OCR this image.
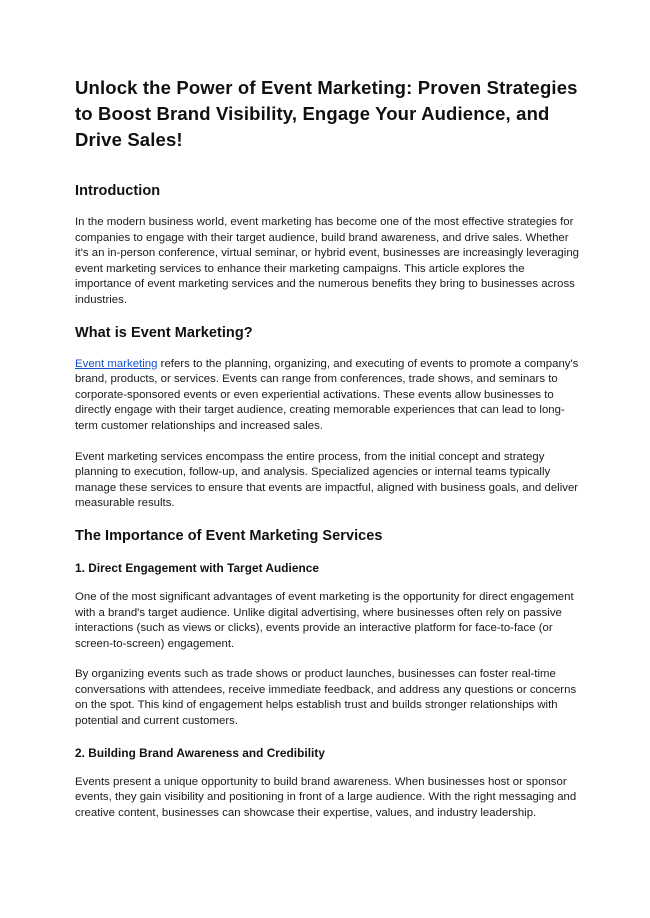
Unlock the Power of Event Marketing: Proven Strategies to Boost Brand Visibility, Engage Your Audience, and Drive Sales!
Introduction

In the modern business world, event marketing has become one of the most effective strategies for companies to engage with their target audience, build brand awareness, and drive sales. Whether it's an in-person conference, virtual seminar, or hybrid event, businesses are increasingly leveraging event marketing services to enhance their marketing campaigns. This article explores the importance of event marketing services and the numerous benefits they bring to businesses across industries.

What is Event Marketing?

Event marketing refers to the planning, organizing, and executing of events to promote a company's brand, products, or services. Events can range from conferences, trade shows, and seminars to corporate-sponsored events or even experiential activations. These events allow businesses to directly engage with their target audience, creating memorable experiences that can lead to long-term customer relationships and increased sales.

Event marketing services encompass the entire process, from the initial concept and strategy planning to execution, follow-up, and analysis. Specialized agencies or internal teams typically manage these services to ensure that events are impactful, aligned with business goals, and deliver measurable results.

The Importance of Event Marketing Services
1. Direct Engagement with Target Audience

One of the most significant advantages of event marketing is the opportunity for direct engagement with a brand's target audience. Unlike digital advertising, where businesses often rely on passive interactions (such as views or clicks), events provide an interactive platform for face-to-face (or screen-to-screen) engagement.

By organizing events such as trade shows or product launches, businesses can foster real-time conversations with attendees, receive immediate feedback, and address any questions or concerns on the spot. This kind of engagement helps establish trust and builds stronger relationships with potential and current customers.

2. Building Brand Awareness and Credibility

Events present a unique opportunity to build brand awareness. When businesses host or sponsor events, they gain visibility and positioning in front of a large audience. With the right messaging and creative content, businesses can showcase their expertise, values, and industry leadership.
